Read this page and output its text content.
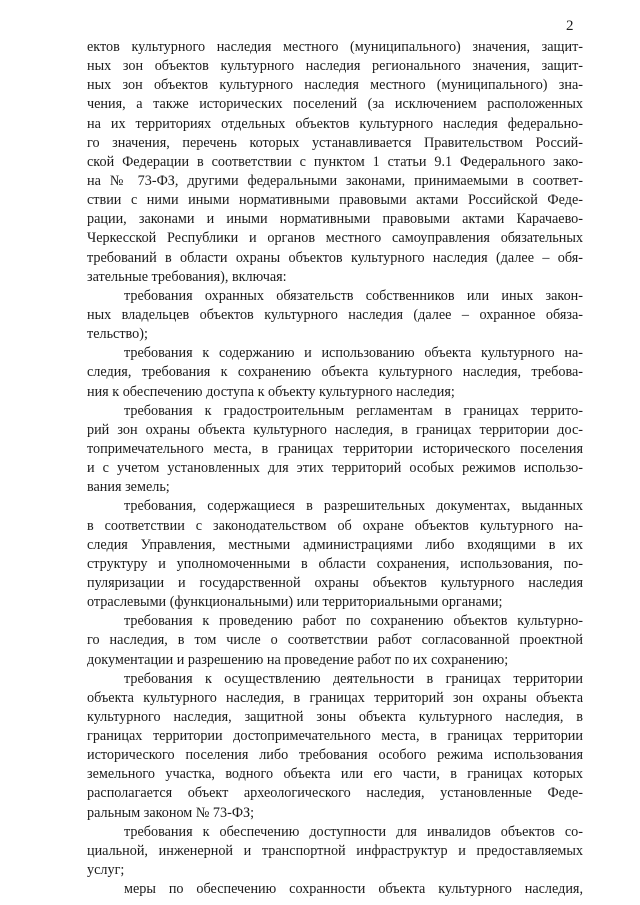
2
ектов культурного наследия местного (муниципального) значения, защит-
ных зон объектов культурного наследия регионального значения, защит-
ных зон объектов культурного наследия местного (муниципального) зна-
чения, а также исторических поселений (за исключением расположенных
на их территориях отдельных объектов культурного наследия федерально-
го значения, перечень которых устанавливается Правительством Россий-
ской Федерации в соответствии с пунктом 1 статьи 9.1 Федерального зако-
на № 73-ФЗ, другими федеральными законами, принимаемыми в соответ-
ствии с ними иными нормативными правовыми актами Российской Феде-
рации, законами и иными нормативными правовыми актами Карачаево-
Черкесской Республики и органов местного самоуправления обязательных
требований в области охраны объектов культурного наследия (далее – обя-
зательные требования), включая:
требования охранных обязательств собственников или иных закон-
ных владельцев объектов культурного наследия (далее – охранное обяза-
тельство);
требования к содержанию и использованию объекта культурного на-
следия, требования к сохранению объекта культурного наследия, требова-
ния к обеспечению доступа к объекту культурного наследия;
требования к градостроительным регламентам в границах террито-
рий зон охраны объекта культурного наследия, в границах территории дос-
топримечательного места, в границах территории исторического поселения
и с учетом установленных для этих территорий особых режимов использо-
вания земель;
требования, содержащиеся в разрешительных документах, выданных
в соответствии с законодательством об охране объектов культурного на-
следия Управления, местными администрациями либо входящими в их
структуру и уполномоченными в области сохранения, использования, по-
пуляризации и государственной охраны объектов культурного наследия
отраслевыми (функциональными) или территориальными органами;
требования к проведению работ по сохранению объектов культурно-
го наследия, в том числе о соответствии работ согласованной проектной
документации и разрешению на проведение работ по их сохранению;
требования к осуществлению деятельности в границах территории
объекта культурного наследия, в границах территорий зон охраны объекта
культурного наследия, защитной зоны объекта культурного наследия, в
границах территории достопримечательного места, в границах территории
исторического поселения либо требования особого режима использования
земельного участка, водного объекта или его части, в границах которых
располагается объект археологического наследия, установленные Феде-
ральным законом № 73-ФЗ;
требования к обеспечению доступности для инвалидов объектов со-
циальной, инженерной и транспортной инфраструктур и предоставляемых
услуг;
меры по обеспечению сохранности объекта культурного наследия,
